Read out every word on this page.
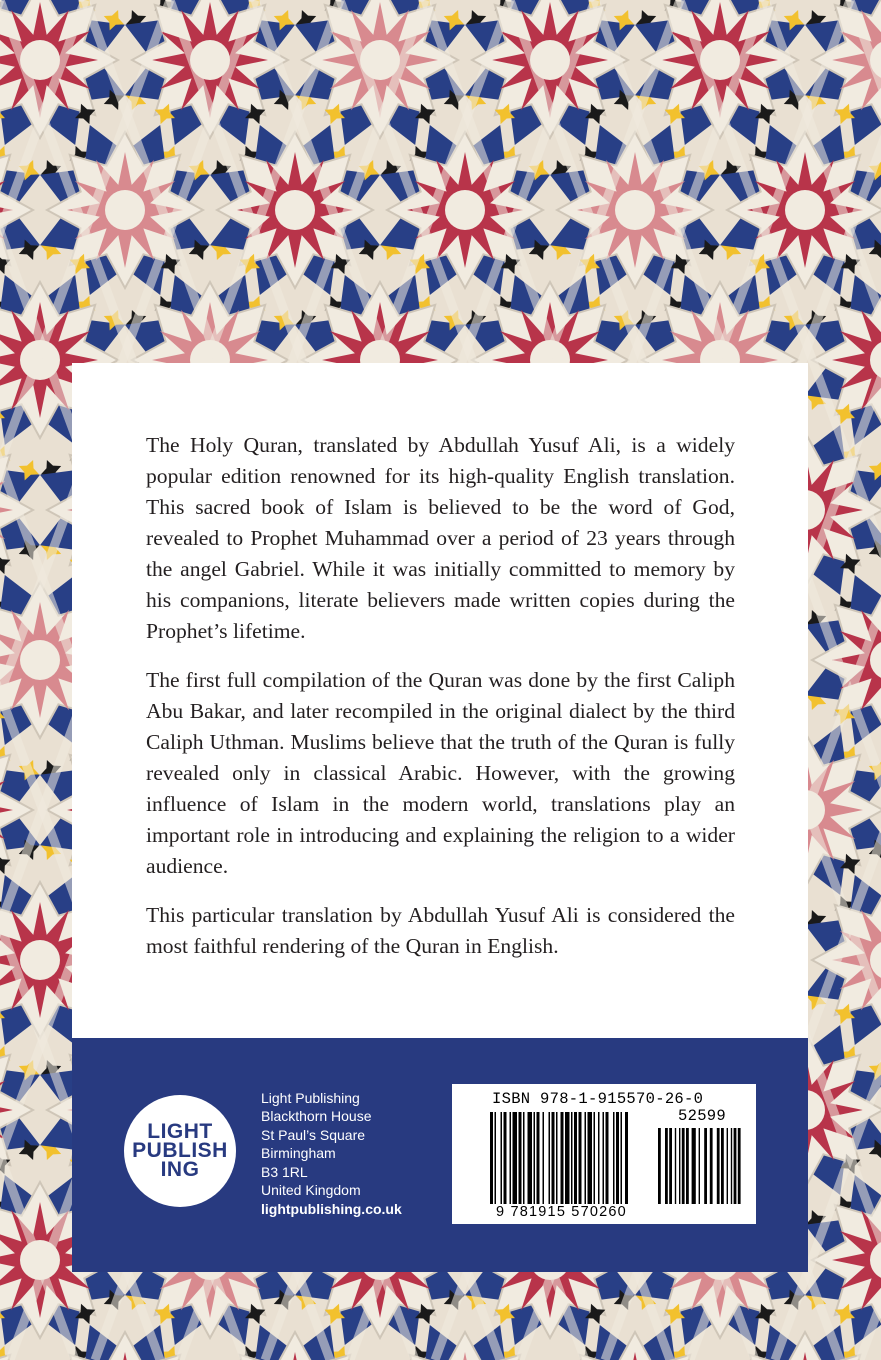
The Holy Quran, translated by Abdullah Yusuf Ali, is a widely popular edition renowned for its high-quality English translation. This sacred book of Islam is believed to be the word of God, revealed to Prophet Muhammad over a period of 23 years through the angel Gabriel. While it was initially committed to memory by his companions, literate believers made written copies during the Prophet’s lifetime.

The first full compilation of the Quran was done by the first Caliph Abu Bakar, and later recompiled in the original dialect by the third Caliph Uthman. Muslims believe that the truth of the Quran is fully revealed only in classical Arabic. However, with the growing influence of Islam in the modern world, translations play an important role in introducing and explaining the religion to a wider audience.

This particular translation by Abdullah Yusuf Ali is considered the most faithful rendering of the Quran in English.

LIGHT
PUBLISH
ING
Light Publishing
Blackthorn House
St Paul’s Square
Birmingham
B3 1RL
United Kingdom
lightpublishing.co.uk
ISBN 978-1-915570-26-0
52599
9 781915 570260
